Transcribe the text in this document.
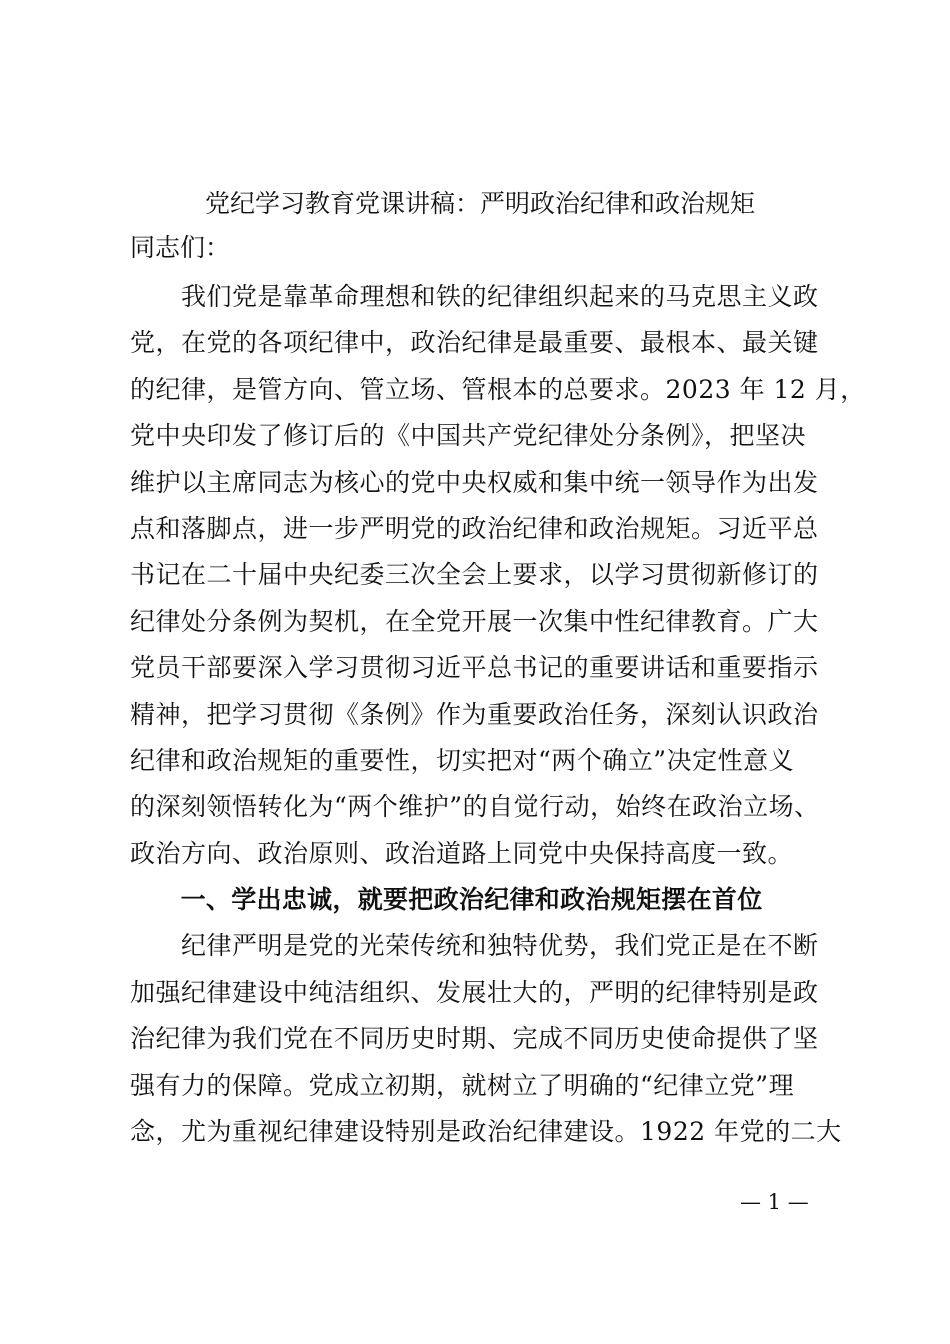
党纪学习教育党课讲稿：严明政治纪律和政治规矩
同志们：
　　我们党是靠革命理想和铁的纪律组织起来的马克思主义政
党，在党的各项纪律中，政治纪律是最重要、最根本、最关键
的纪律，是管方向、管立场、管根本的总要求。2023 年 12 月，
党中央印发了修订后的《中国共产党纪律处分条例》，把坚决
维护以主席同志为核心的党中央权威和集中统一领导作为出发
点和落脚点，进一步严明党的政治纪律和政治规矩。习近平总
书记在二十届中央纪委三次全会上要求，以学习贯彻新修订的
纪律处分条例为契机，在全党开展一次集中性纪律教育。广大
党员干部要深入学习贯彻习近平总书记的重要讲话和重要指示
精神，把学习贯彻《条例》作为重要政治任务，深刻认识政治
纪律和政治规矩的重要性，切实把对“两个确立”决定性意义
的深刻领悟转化为“两个维护”的自觉行动，始终在政治立场、
政治方向、政治原则、政治道路上同党中央保持高度一致。
　　一、学出忠诚，就要把政治纪律和政治规矩摆在首位
　　纪律严明是党的光荣传统和独特优势，我们党正是在不断
加强纪律建设中纯洁组织、发展壮大的，严明的纪律特别是政
治纪律为我们党在不同历史时期、完成不同历史使命提供了坚
强有力的保障。党成立初期，就树立了明确的“纪律立党”理
念，尤为重视纪律建设特别是政治纪律建设。1922 年党的二大
— 1 —
